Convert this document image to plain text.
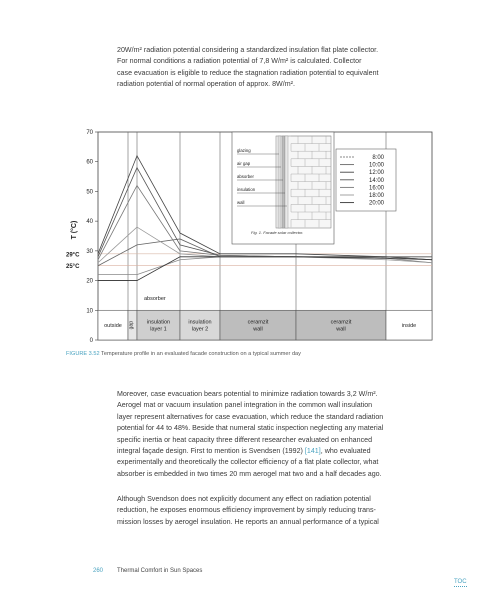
20W/m² radiation potential considering a standardized insulation flat plate collector.

For normal conditions a radiation potential of 7,8 W/m² is calculated. Collector

case evacuation is eligible to reduce the stagnation radiation potential to equivalent

radiation potential of normal operation of approx. 8W/m².

outside gap insulation
layer 1
insulation
layer 2
ceramzit
wall
ceramzit
wall
inside
absorber
0
10
20
30
40
50
60
70
T (°C)
29°C
25°C
glazing
air gap
absorber
insulation
wall
Fig. 1. Facade solar collector.
8:00
10:00
12:00
14:00
16:00
18:00
20:00
FIGURE 3.52 Temperature profile in an evaluated facade construction on a typical summer day

Moreover, case evacuation bears potential to minimize radiation towards 3,2 W/m².

Aerogel mat or vacuum insulation panel integration in the common wall insulation

layer represent alternatives for case evacuation, which reduce the standard radiation

potential for 44 to 48%. Beside that numeral static inspection neglecting any material

specific inertia or heat capacity three different researcher evaluated on enhanced

integral façade design. First to mention is Svendsen (1992) [141], who evaluated

experimentally and theoretically the collector efficiency of a flat plate collector, what

absorber is embedded in two times 20 mm aerogel mat two and a half decades ago.

Although Svendson does not explicitly document any effect on radiation potential

reduction, he exposes enormous efficiency improvement by simply reducing trans-

mission losses by aerogel insulation. He reports an annual performance of a typical

260 Thermal Comfort in Sun Spaces
TOC
